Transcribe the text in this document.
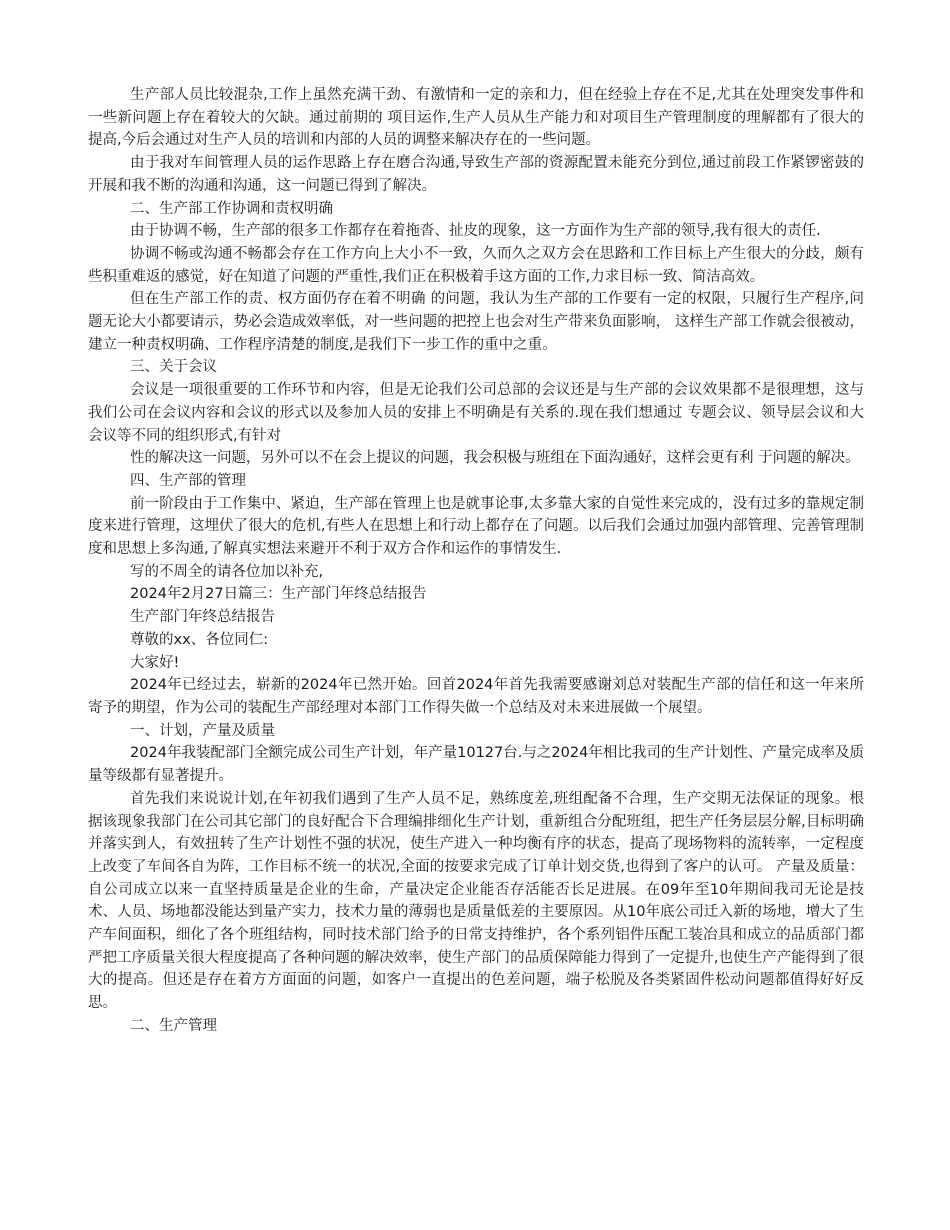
生产部人员比较混杂,工作上虽然充满干劲、有激情和一定的亲和力，但在经验上存在不足,尤其在处理突发事件和一些新问题上存在着较大的欠缺。通过前期的 项目运作,生产人员从生产能力和对项目生产管理制度的理解都有了很大的提高,今后会通过对生产人员的培训和内部的人员的调整来解决存在的一些问题。

由于我对车间管理人员的运作思路上存在磨合沟通,导致生产部的资源配置未能充分到位,通过前段工作紧锣密鼓的开展和我不断的沟通和沟通，这一问题已得到了解决。

二、生产部工作协调和责权明确

由于协调不畅，生产部的很多工作都存在着拖沓、扯皮的现象，这一方面作为生产部的领导,我有很大的责任.

协调不畅或沟通不畅都会存在工作方向上大小不一致，久而久之双方会在思路和工作目标上产生很大的分歧，颇有些积重难返的感觉，好在知道了问题的严重性,我们正在积极着手这方面的工作,力求目标一致、简洁高效。

但在生产部工作的责、权方面仍存在着不明确 的问题，我认为生产部的工作要有一定的权限，只履行生产程序,问题无论大小都要请示，势必会造成效率低，对一些问题的把控上也会对生产带来负面影响， 这样生产部工作就会很被动，建立一种责权明确、工作程序清楚的制度,是我们下一步工作的重中之重。

三、关于会议

会议是一项很重要的工作环节和内容，但是无论我们公司总部的会议还是与生产部的会议效果都不是很理想，这与我们公司在会议内容和会议的形式以及参加人员的安排上不明确是有关系的.现在我们想通过 专题会议、领导层会议和大会议等不同的组织形式,有针对

性的解决这一问题，另外可以不在会上提议的问题，我会积极与班组在下面沟通好，这样会更有利 于问题的解决。

四、生产部的管理

前一阶段由于工作集中、紧迫，生产部在管理上也是就事论事,太多靠大家的自觉性来完成的，没有过多的靠规定制度来进行管理，这埋伏了很大的危机,有些人在思想上和行动上都存在了问题。以后我们会通过加强内部管理、完善管理制度和思想上多沟通,了解真实想法来避开不利于双方合作和运作的事情发生.

写的不周全的请各位加以补充,

2024年2月27日篇三：生产部门年终总结报告

生产部门年终总结报告

尊敬的xx、各位同仁:

大家好!

2024年已经过去，崭新的2024年已然开始。回首2024年首先我需要感谢刘总对装配生产部的信任和这一年来所寄予的期望，作为公司的装配生产部经理对本部门工作得失做一个总结及对未来进展做一个展望。

一、计划，产量及质量

2024年我装配部门全额完成公司生产计划，年产量10127台.与之2024年相比我司的生产计划性、产量完成率及质量等级都有显著提升。

首先我们来说说计划,在年初我们遇到了生产人员不足，熟练度差,班组配备不合理，生产交期无法保证的现象。根据该现象我部门在公司其它部门的良好配合下合理编排细化生产计划，重新组合分配班组，把生产任务层层分解,目标明确并落实到人，有效扭转了生产计划性不强的状况，使生产进入一种均衡有序的状态，提高了现场物料的流转率，一定程度上改变了车间各自为阵，工作目标不统一的状况,全面的按要求完成了订单计划交货,也得到了客户的认可。 产量及质量：自公司成立以来一直坚持质量是企业的生命，产量决定企业能否存活能否长足进展。在09年至10年期间我司无论是技术、人员、场地都没能达到量产实力，技术力量的薄弱也是质量低差的主要原因。从10年底公司迁入新的场地，增大了生产车间面积，细化了各个班组结构，同时技术部门给予的日常支持维护，各个系列铝件压配工装冶具和成立的品质部门都严把工序质量关很大程度提高了各种问题的解决效率，使生产部门的品质保障能力得到了一定提升,也使生产产能得到了很大的提高。但还是存在着方方面面的问题，如客户一直提出的色差问题，端子松脱及各类紧固件松动问题都值得好好反思。

二、生产管理
